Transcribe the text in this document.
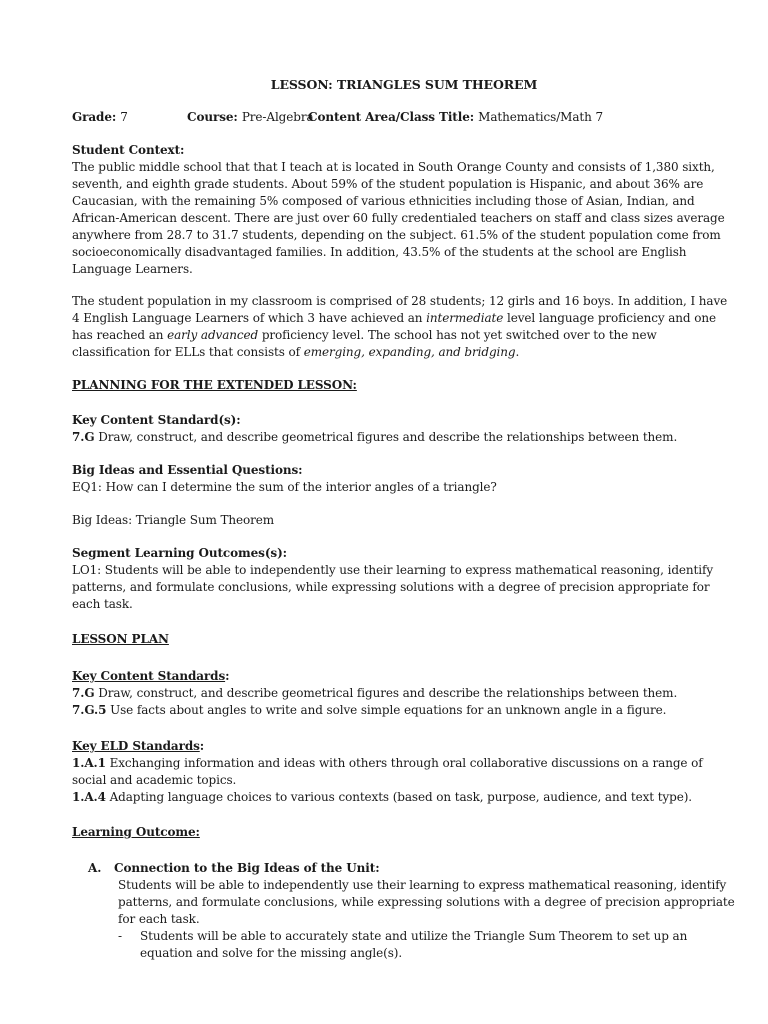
LESSON: TRIANGLES SUM THEOREM
Grade: 7	Course: Pre-AlgebraContent Area/Class Title: Mathematics/Math 7

Student Context:

The public middle school that that I teach at is located in South Orange County and consists of 1,380 sixth, seventh, and eighth grade students. About 59% of the student population is Hispanic, and about 36% are Caucasian, with the remaining 5% composed of various ethnicities including those of Asian, Indian, and African-American descent. There are just over 60 fully credentialed teachers on staff and class sizes average anywhere from 28.7 to 31.7 students, depending on the subject. 61.5% of the student population come from socioeconomically disadvantaged families. In addition, 43.5% of the students at the school are English Language Learners.

The student population in my classroom is comprised of 28 students; 12 girls and 16 boys. In addition, I have 4 English Language Learners of which 3 have achieved an intermediate level language proficiency and one has reached an early advanced proficiency level. The school has not yet switched over to the new classification for ELLs that consists of emerging, expanding, and bridging.

PLANNING FOR THE EXTENDED LESSON:

Key Content Standard(s):

7.G Draw, construct, and describe geometrical figures and describe the relationships between them.

Big Ideas and Essential Questions:

EQ1: How can I determine the sum of the interior angles of a triangle?

Big Ideas: Triangle Sum Theorem

Segment Learning Outcomes(s):

LO1: Students will be able to independently use their learning to express mathematical reasoning, identify patterns, and formulate conclusions, while expressing solutions with a degree of precision appropriate for each task.

LESSON PLAN

Key Content Standards:

7.G Draw, construct, and describe geometrical figures and describe the relationships between them.

7.G.5 Use facts about angles to write and solve simple equations for an unknown angle in a figure.

Key ELD Standards:

1.A.1 Exchanging information and ideas with others through oral collaborative discussions on a range of social and academic topics.

1.A.4 Adapting language choices to various contexts (based on task, purpose, audience, and text type).

Learning Outcome:

A. Connection to the Big Ideas of the Unit:

Students will be able to independently use their learning to express mathematical reasoning, identify patterns, and formulate conclusions, while expressing solutions with a degree of precision appropriate for each task.

-	Students will be able to accurately state and utilize the Triangle Sum Theorem to set up an equation and solve for the missing angle(s).
